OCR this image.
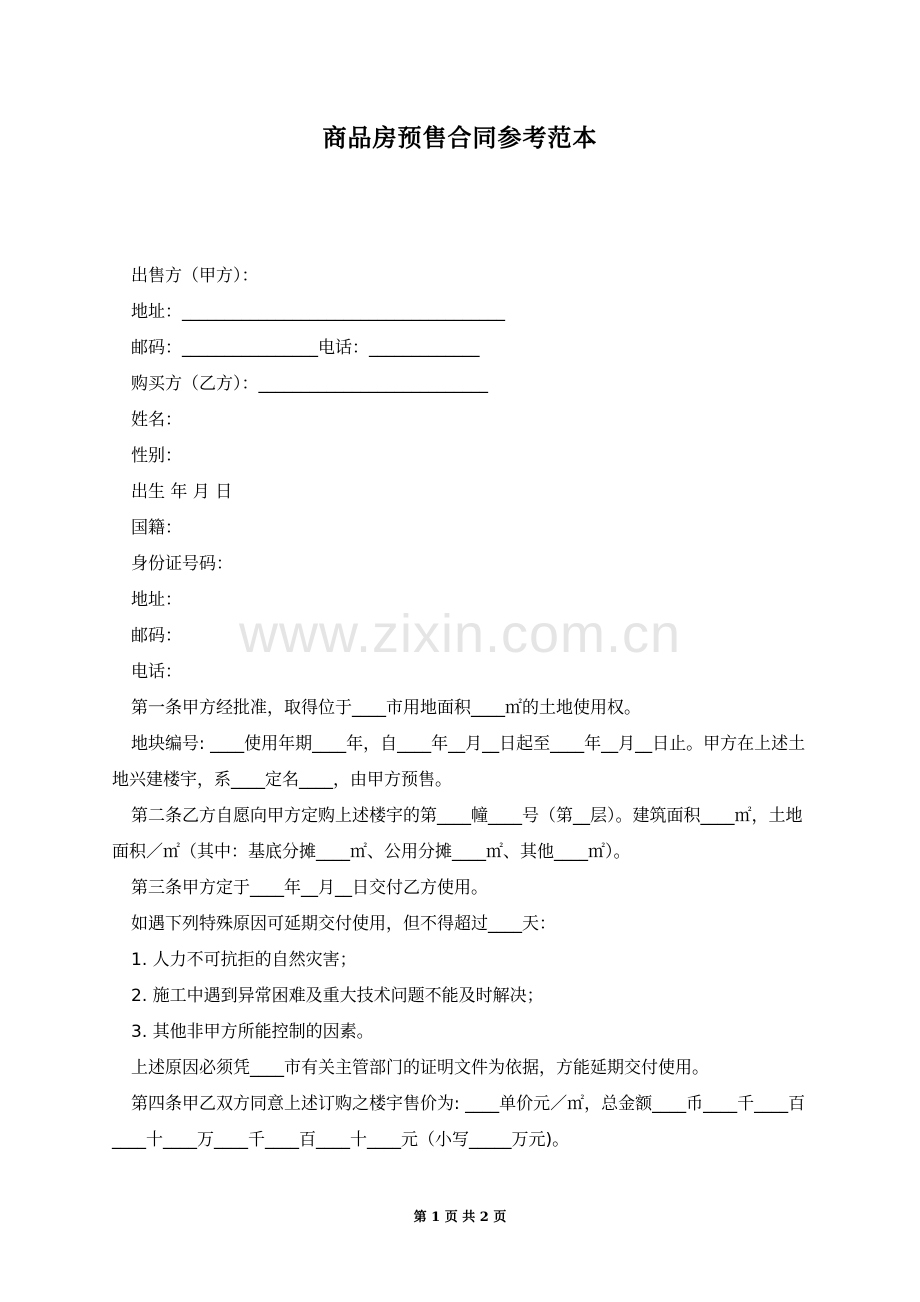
商品房预售合同参考范本

出售方（甲方）：

地址：______________________________________

邮码：________________电话：_____________

购买方（乙方）：___________________________

姓名：

性别：

出生 年 月 日

国籍：

身份证号码：

地址：

邮码：

电话：

第一条甲方经批准，取得位于____市用地面积____㎡的土地使用权。

地块编号: ____使用年期____年，自____年__月__日起至____年__月__日止。甲方在上述土地兴建楼宇，系____定名____，由甲方预售。

第二条乙方自愿向甲方定购上述楼宇的第____幢____号（第__层）。建筑面积____㎡，土地面积／㎡（其中：基底分摊____㎡、公用分摊____㎡、其他____㎡）。

第三条甲方定于____年__月__日交付乙方使用。

如遇下列特殊原因可延期交付使用，但不得超过____天：

1. 人力不可抗拒的自然灾害；

2. 施工中遇到异常困难及重大技术问题不能及时解决；

3. 其他非甲方所能控制的因素。

上述原因必须凭____市有关主管部门的证明文件为依据，方能延期交付使用。

第四条甲乙双方同意上述订购之楼宇售价为: ____单价元／㎡，总金额____币____千____百____十____万____千____百____十____元（小写_____万元)。

www.zixin.com.cn
第 1 页 共 2 页
